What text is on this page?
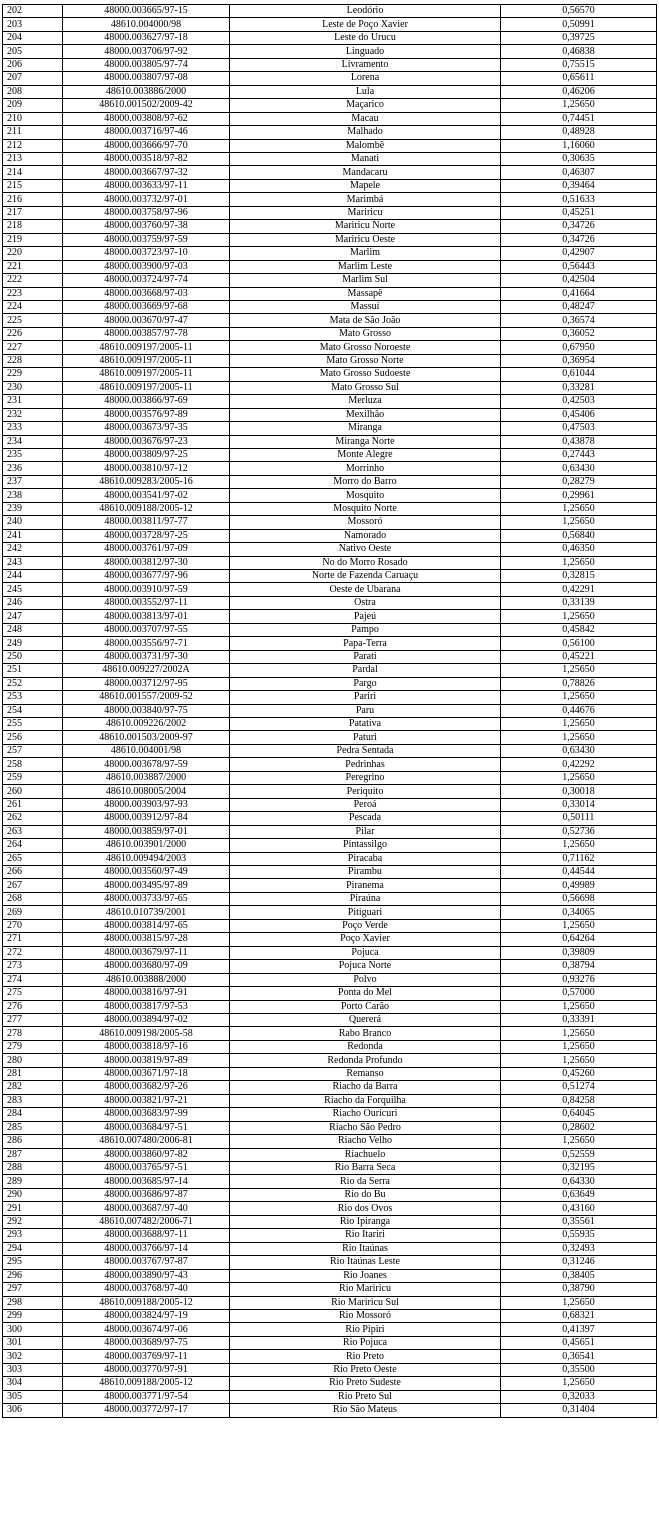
202	48000.003665/97-15	Leodório	0,56570
203	48610.004000/98	Leste de Poço Xavier	0,50991
204	48000.003627/97-18	Leste do Urucu	0,39725
205	48000.003706/97-92	Linguado	0,46838
206	48000.003805/97-74	Livramento	0,75515
207	48000.003807/97-08	Lorena	0,65611
208	48610.003886/2000	Lula	0,46206
209	48610.001502/2009-42	Maçarico	1,25650
210	48000.003808/97-62	Macau	0,74451
211	48000.003716/97-46	Malhado	0,48928
212	48000.003666/97-70	Malombê	1,16060
213	48000.003518/97-82	Manati	0,30635
214	48000.003667/97-32	Mandacaru	0,46307
215	48000.003633/97-11	Mapele	0,39464
216	48000.003732/97-01	Marimbá	0,51633
217	48000.003758/97-96	Mariricu	0,45251
218	48000.003760/97-38	Mariricu Norte	0,34726
219	48000.003759/97-59	Mariricu Oeste	0,34726
220	48000.003723/97-10	Marlim	0,42907
221	48000.003900/97-03	Marlim Leste	0,56443
222	48000.003724/97-74	Marlim Sul	0,42504
223	48000.003668/97-03	Massapê	0,41664
224	48000.003669/97-68	Massuí	0,48247
225	48000.003670/97-47	Mata de São João	0,36574
226	48000.003857/97-78	Mato Grosso	0,36052
227	48610.009197/2005-11	Mato Grosso Noroeste	0,67950
228	48610.009197/2005-11	Mato Grosso Norte	0,36954
229	48610.009197/2005-11	Mato Grosso Sudoeste	0,61044
230	48610.009197/2005-11	Mato Grosso Sul	0,33281
231	48000.003866/97-69	Merluza	0,42503
232	48000.003576/97-89	Mexilhão	0,45406
233	48000.003673/97-35	Miranga	0,47503
234	48000.003676/97-23	Miranga Norte	0,43878
235	48000.003809/97-25	Monte Alegre	0,27443
236	48000.003810/97-12	Morrinho	0,63430
237	48610.009283/2005-16	Morro do Barro	0,28279
238	48000.003541/97-02	Mosquito	0,29961
239	48610.009188/2005-12	Mosquito Norte	1,25650
240	48000.003811/97-77	Mossoró	1,25650
241	48000.003728/97-25	Namorado	0,56840
242	48000.003761/97-09	Nativo Oeste	0,46350
243	48000.003812/97-30	No do Morro Rosado	1,25650
244	48000.003677/97-96	Norte de Fazenda Caruaçu	0,32815
245	48000.003910/97-59	Oeste de Ubarana	0,42291
246	48000.003552/97-11	Ostra	0,33139
247	48000.003813/97-01	Pajeú	1,25650
248	48000.003707/97-55	Pampo	0,45842
249	48000.003556/97-71	Papa-Terra	0,56100
250	48000.003731/97-30	Parati	0,45221
251	48610.009227/2002A	Pardal	1,25650
252	48000.003712/97-95	Pargo	0,78826
253	48610.001557/2009-52	Pariri	1,25650
254	48000.003840/97-75	Paru	0,44676
255	48610.009226/2002	Patativa	1,25650
256	48610.001503/2009-97	Paturi	1,25650
257	48610.004001/98	Pedra Sentada	0,63430
258	48000.003678/97-59	Pedrinhas	0,42292
259	48610.003887/2000	Peregrino	1,25650
260	48610.008005/2004	Periquito	0,30018
261	48000.003903/97-93	Peroá	0,33014
262	48000.003912/97-84	Pescada	0,50111
263	48000.003859/97-01	Pilar	0,52736
264	48610.003901/2000	Pintassilgo	1,25650
265	48610.009494/2003	Piracaba	0,71162
266	48000.003560/97-49	Pirambu	0,44544
267	48000.003495/97-89	Piranema	0,49989
268	48000.003733/97-65	Piraúna	0,56698
269	48610.010739/2001	Pitiguari	0,34065
270	48000.003814/97-65	Poço Verde	1,25650
271	48000.003815/97-28	Poço Xavier	0,64264
272	48000.003679/97-11	Pojuca	0,39809
273	48000.003680/97-09	Pojuca Norte	0,38794
274	48610.003888/2000	Polvo	0,93276
275	48000.003816/97-91	Ponta do Mel	0,57000
276	48000.003817/97-53	Porto Carão	1,25650
277	48000.003894/97-02	Quererá	0,33391
278	48610.009198/2005-58	Rabo Branco	1,25650
279	48000.003818/97-16	Redonda	1,25650
280	48000.003819/97-89	Redonda Profundo	1,25650
281	48000.003671/97-18	Remanso	0,45260
282	48000.003682/97-26	Riacho da Barra	0,51274
283	48000.003821/97-21	Riacho da Forquilha	0,84258
284	48000.003683/97-99	Riacho Ouricuri	0,64045
285	48000.003684/97-51	Riacho São Pedro	0,28602
286	48610.007480/2006-81	Riacho Velho	1,25650
287	48000.003860/97-82	Riachuelo	0,52559
288	48000.003765/97-51	Rio Barra Seca	0,32195
289	48000.003685/97-14	Rio da Serra	0,64330
290	48000.003686/97-87	Rio do Bu	0,63649
291	48000.003687/97-40	Rio dos Ovos	0,43160
292	48610.007482/2006-71	Rio Ipiranga	0,35561
293	48000.003688/97-11	Rio Itariri	0,55935
294	48000.003766/97-14	Rio Itaúnas	0,32493
295	48000.003767/97-87	Rio Itaúnas Leste	0,31246
296	48000.003890/97-43	Rio Joanes	0,38405
297	48000.003768/97-40	Rio Mariricu	0,38790
298	48610.009188/2005-12	Rio Mariricu Sul	1,25650
299	48000.003824/97-19	Rio Mossoró	0,68321
300	48000.003674/97-06	Rio Pipiri	0,41397
301	48000.003689/97-75	Rio Pojuca	0,45651
302	48000.003769/97-11	Rio Preto	0,36541
303	48000.003770/97-91	Rio Preto Oeste	0,35500
304	48610.009188/2005-12	Rio Preto Sudeste	1,25650
305	48000.003771/97-54	Rio Preto Sul	0,32033
306	48000.003772/97-17	Rio São Mateus	0,31404
